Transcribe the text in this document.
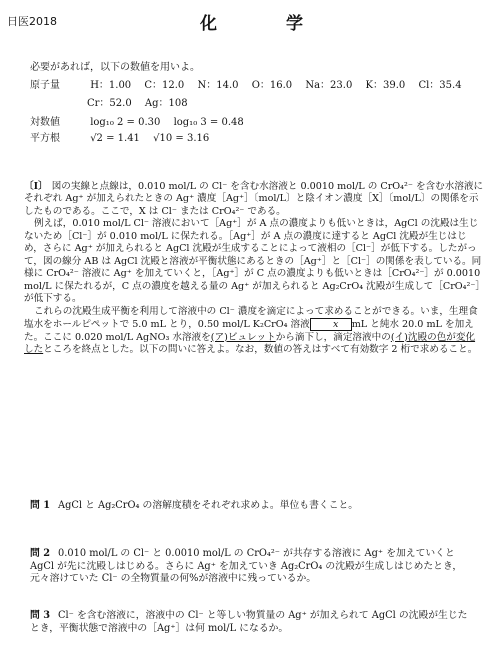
日医2018	化　学
必要があれば，以下の数値を用いよ。
原子量	H：1.00 C：12.0 N：14.0 O：16.0 Na：23.0 K：39.0 Cl：35.4
Cr：52.0 Ag：108
対数値	log₁₀ 2 = 0.30 log₁₀ 3 = 0.48
平方根	√2 = 1.41 √10 = 3.16

〔Ⅰ〕 図の実線と点線は，0.010 mol/L の Cl⁻ を含む水溶液と 0.0010 mol/L の CrO₄²⁻ を含む水溶液にそれぞれ Ag⁺ が加えられたときの Ag⁺ 濃度［Ag⁺］〔mol/L〕と陰イオン濃度［X］〔mol/L〕の関係を示したものである。ここで，X は Cl⁻ または CrO₄²⁻ である。

例えば，0.010 mol/L Cl⁻ 溶液において［Ag⁺］が A 点の濃度よりも低いときは，AgCl の沈殿は生じないため［Cl⁻］が 0.010 mol/L に保たれる。［Ag⁺］が A 点の濃度に達すると AgCl 沈殿が生じはじめ，さらに Ag⁺ が加えられると AgCl 沈殿が生成することによって液相の［Cl⁻］が低下する。したがって，図の線分 AB は AgCl 沈殿と溶液が平衡状態にあるときの［Ag⁺］と［Cl⁻］の関係を表している。同様に CrO₄²⁻ 溶液に Ag⁺ を加えていくと，［Ag⁺］が C 点の濃度よりも低いときは［CrO₄²⁻］が 0.0010 mol/L に保たれるが，C 点の濃度を越える量の Ag⁺ が加えられると Ag₂CrO₄ 沈殿が生成して［CrO₄²⁻］が低下する。

これらの沈殿生成平衡を利用して溶液中の Cl⁻ 濃度を滴定によって求めることができる。いま，生理食塩水をホールピペットで 5.0 mL とり，0.50 mol/L K₂CrO₄ 溶液 x mL と純水 20.0 mL を加えた。ここに 0.020 mol/L AgNO₃ 水溶液を(ア)ビュレットから滴下し，滴定溶液中の(イ)沈殿の色が変化したところを終点とした。以下の問いに答えよ。なお，数値の答えはすべて有効数字 2 桁で求めること。

問 1 AgCl と Ag₂CrO₄ の溶解度積をそれぞれ求めよ。単位も書くこと。
問 2 0.010 mol/L の Cl⁻ と 0.0010 mol/L の CrO₄²⁻ が共存する溶液に Ag⁺ を加えていくと AgCl が先に沈殿しはじめる。さらに Ag⁺ を加えていき Ag₂CrO₄ の沈殿が生成しはじめたとき，元々溶けていた Cl⁻ の全物質量の何%が溶液中に残っているか。
問 3 Cl⁻ を含む溶液に，溶液中の Cl⁻ と等しい物質量の Ag⁺ が加えられて AgCl の沈殿が生じたとき，平衡状態で溶液中の［Ag⁺］は何 mol/L になるか。
